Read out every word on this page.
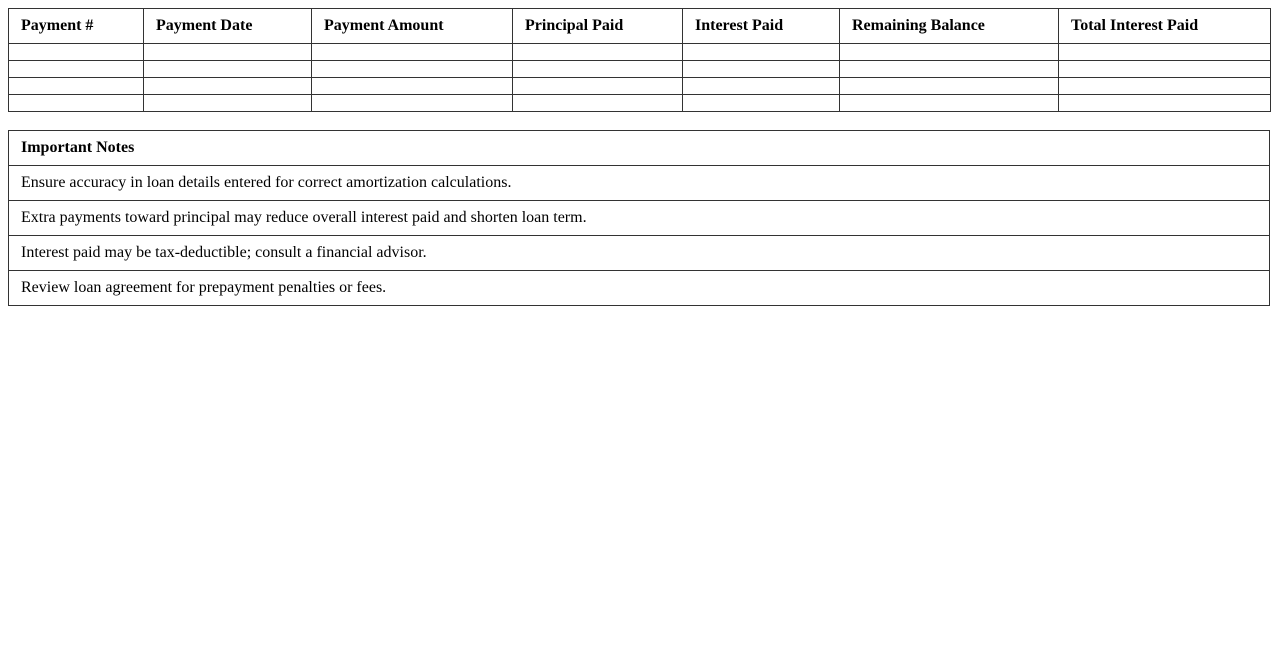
Payment #	Payment Date	Payment Amount	Principal Paid	Interest Paid	Remaining Balance	Total Interest Paid

Important Notes
Ensure accuracy in loan details entered for correct amortization calculations.
Extra payments toward principal may reduce overall interest paid and shorten loan term.
Interest paid may be tax-deductible; consult a financial advisor.
Review loan agreement for prepayment penalties or fees.
